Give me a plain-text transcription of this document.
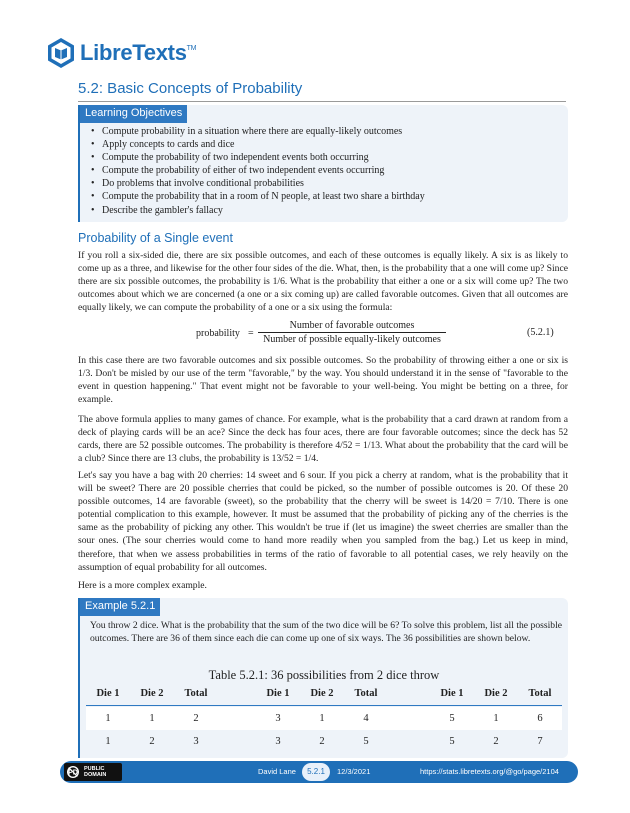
LibreTexts™
5.2: Basic Concepts of Probability
Learning Objectives
• Compute probability in a situation where there are equally-likely outcomes
• Apply concepts to cards and dice
• Compute the probability of two independent events both occurring
• Compute the probability of either of two independent events occurring
• Do problems that involve conditional probabilities
• Compute the probability that in a room of N people, at least two share a birthday
• Describe the gambler's fallacy
Probability of a Single event

If you roll a six-sided die, there are six possible outcomes, and each of these outcomes is equally likely. A six is as likely to come up as a three, and likewise for the other four sides of the die. What, then, is the probability that a one will come up? Since there are six possible outcomes, the probability is 1/6. What is the probability that either a one or a six will come up? The two outcomes about which we are concerned (a one or a six coming up) are called favorable outcomes. Given that all outcomes are equally likely, we can compute the probability of a one or a six using the formula:

probability =
Number of favorable outcomes
Number of possible equally-likely outcomes
(5.2.1)

In this case there are two favorable outcomes and six possible outcomes. So the probability of throwing either a one or six is 1/3. Don't be misled by our use of the term "favorable," by the way. You should understand it in the sense of "favorable to the event in question happening." That event might not be favorable to your well-being. You might be betting on a three, for example.

The above formula applies to many games of chance. For example, what is the probability that a card drawn at random from a deck of playing cards will be an ace? Since the deck has four aces, there are four favorable outcomes; since the deck has 52 cards, there are 52 possible outcomes. The probability is therefore 4/52 = 1/13. What about the probability that the card will be a club? Since there are 13 clubs, the probability is 13/52 = 1/4.

Let's say you have a bag with 20 cherries: 14 sweet and 6 sour. If you pick a cherry at random, what is the probability that it will be sweet? There are 20 possible cherries that could be picked, so the number of possible outcomes is 20. Of these 20 possible outcomes, 14 are favorable (sweet), so the probability that the cherry will be sweet is 14/20 = 7/10. There is one potential complication to this example, however. It must be assumed that the probability of picking any of the cherries is the same as the probability of picking any other. This wouldn't be true if (let us imagine) the sweet cherries are smaller than the sour ones. (The sour cherries would come to hand more readily when you sampled from the bag.) Let us keep in mind, therefore, that when we assess probabilities in terms of the ratio of favorable to all potential cases, we rely heavily on the assumption of equal probability for all outcomes.

Here is a more complex example.

Example 5.2.1

You throw 2 dice. What is the probability that the sum of the two dice will be 6? To solve this problem, list all the possible outcomes. There are 36 of them since each die can come up one of six ways. The 36 possibilities are shown below.

Table 5.2.1: 36 possibilities from 2 dice throw
Die 1	Die 2	Total	Die 1	Die 2	Total	Die 1	Die 2	Total
1	1	2	3	1	4	5	1	6
1	2	3	3	2	5	5	2	7
PD
PUBLIC
DOMAIN	David Lane	5.2.1	12/3/2021	https://stats.libretexts.org/@go/page/2104
